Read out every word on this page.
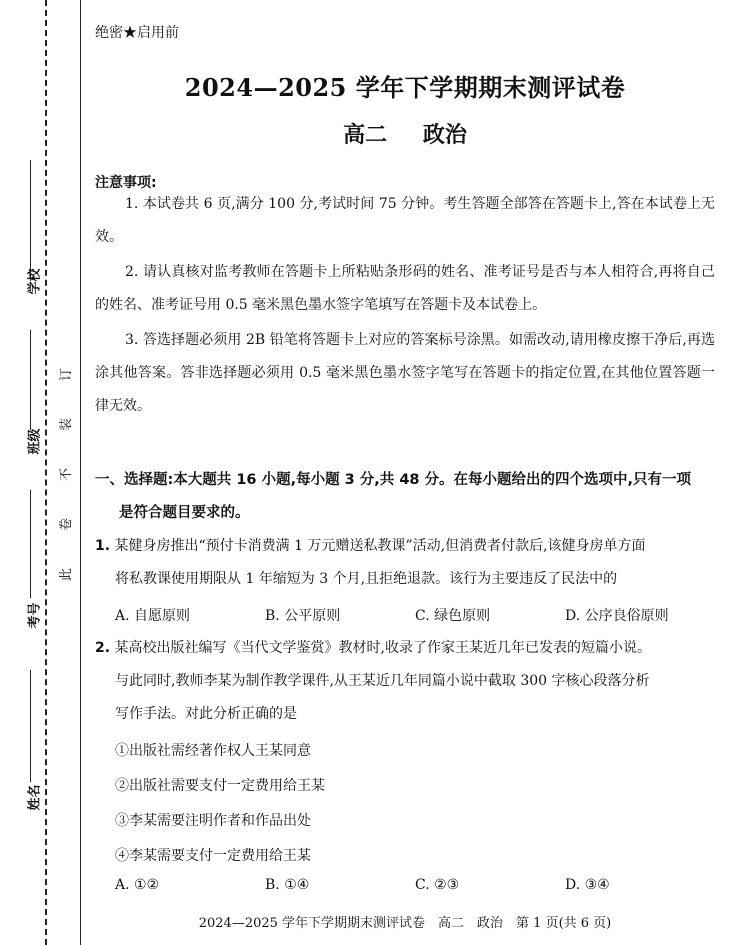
学校
班级
考号
姓名
订
装
不
卷
此
绝密★启用前
2024—2025 学年下学期期末测评试卷
高二 政治
注意事项:
1. 本试卷共 6 页,满分 100 分,考试时间 75 分钟。考生答题全部答在答题卡上,答在本试卷上无效。
2. 请认真核对监考教师在答题卡上所粘贴条形码的姓名、准考证号是否与本人相符合,再将自己的姓名、准考证号用 0.5 毫米黑色墨水签字笔填写在答题卡及本试卷上。
3. 答选择题必须用 2B 铅笔将答题卡上对应的答案标号涂黑。如需改动,请用橡皮擦干净后,再选涂其他答案。答非选择题必须用 0.5 毫米黑色墨水签字笔写在答题卡的指定位置,在其他位置答题一律无效。
一、选择题:本大题共 16 小题,每小题 3 分,共 48 分。在每小题给出的四个选项中,只有一项
是符合题目要求的。
1. 某健身房推出“预付卡消费满 1 万元赠送私教课”活动,但消费者付款后,该健身房单方面
将私教课使用期限从 1 年缩短为 3 个月,且拒绝退款。该行为主要违反了民法中的
A. 自愿原则	B. 公平原则	C. 绿色原则	D. 公序良俗原则
2. 某高校出版社编写《当代文学鉴赏》教材时,收录了作家王某近几年已发表的短篇小说。
与此同时,教师李某为制作教学课件,从王某近几年同篇小说中截取 300 字核心段落分析
写作手法。对此分析正确的是
①出版社需经著作权人王某同意
②出版社需要支付一定费用给王某
③李某需要注明作者和作品出处
④李某需要支付一定费用给王某
A. ①②	B. ①④	C. ②③	D. ③④
2024—2025 学年下学期期末测评试卷　高二　政治　第 1 页(共 6 页)
